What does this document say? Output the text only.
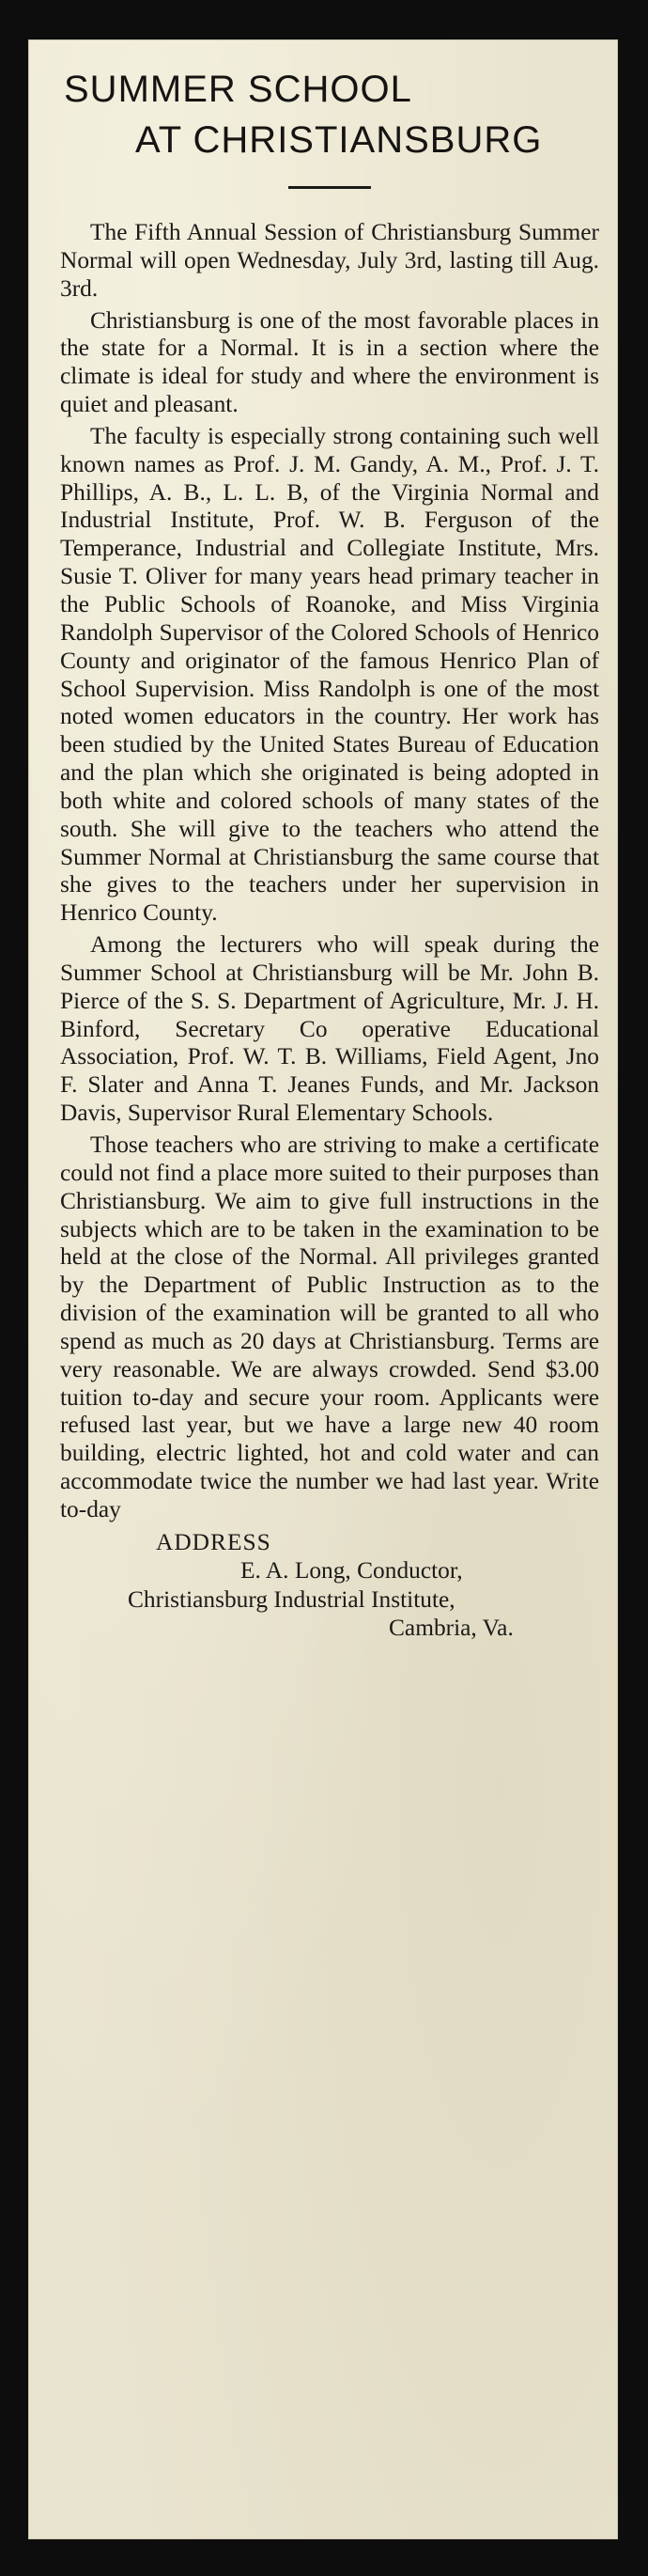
SUMMER SCHOOL
AT CHRISTIANSBURG

The Fifth Annual Session of Christiansburg Summer Normal will open Wednesday, July 3rd, lasting till Aug. 3rd.

Christiansburg is one of the most favorable places in the state for a Normal. It is in a section where the climate is ideal for study and where the environment is quiet and pleasant.

The faculty is especially strong containing such well known names as Prof. J. M. Gandy, A. M., Prof. J. T. Phillips, A. B., L. L. B, of the Virginia Normal and Industrial Institute, Prof. W. B. Ferguson of the Temperance, Industrial and Collegiate Institute, Mrs. Susie T. Oliver for many years head primary teacher in the Public Schools of Roanoke, and Miss Virginia Randolph Supervisor of the Colored Schools of Henrico County and originator of the famous Henrico Plan of School Supervision. Miss Randolph is one of the most noted women educators in the country. Her work has been studied by the United States Bureau of Education and the plan which she originated is being adopted in both white and colored schools of many states of the south. She will give to the teachers who attend the Summer Normal at Christiansburg the same course that she gives to the teachers under her supervision in Henrico County.

Among the lecturers who will speak during the Summer School at Christiansburg will be Mr. John B. Pierce of the S. S. Department of Agriculture, Mr. J. H. Binford, Secretary Co operative Educational Association, Prof. W. T. B. Williams, Field Agent, Jno F. Slater and Anna T. Jeanes Funds, and Mr. Jackson Davis, Supervisor Rural Elementary Schools.

Those teachers who are striving to make a certificate could not find a place more suited to their purposes than Christiansburg. We aim to give full instructions in the subjects which are to be taken in the examination to be held at the close of the Normal. All privileges granted by the Department of Public Instruction as to the division of the examination will be granted to all who spend as much as 20 days at Christiansburg. Terms are very reasonable. We are always crowded. Send $3.00 tuition to-day and secure your room. Applicants were refused last year, but we have a large new 40 room building, electric lighted, hot and cold water and can accommodate twice the number we had last year. Write to-day

ADDRESS
E. A. Long, Conductor,
Christiansburg Industrial Institute,
Cambria, Va.
